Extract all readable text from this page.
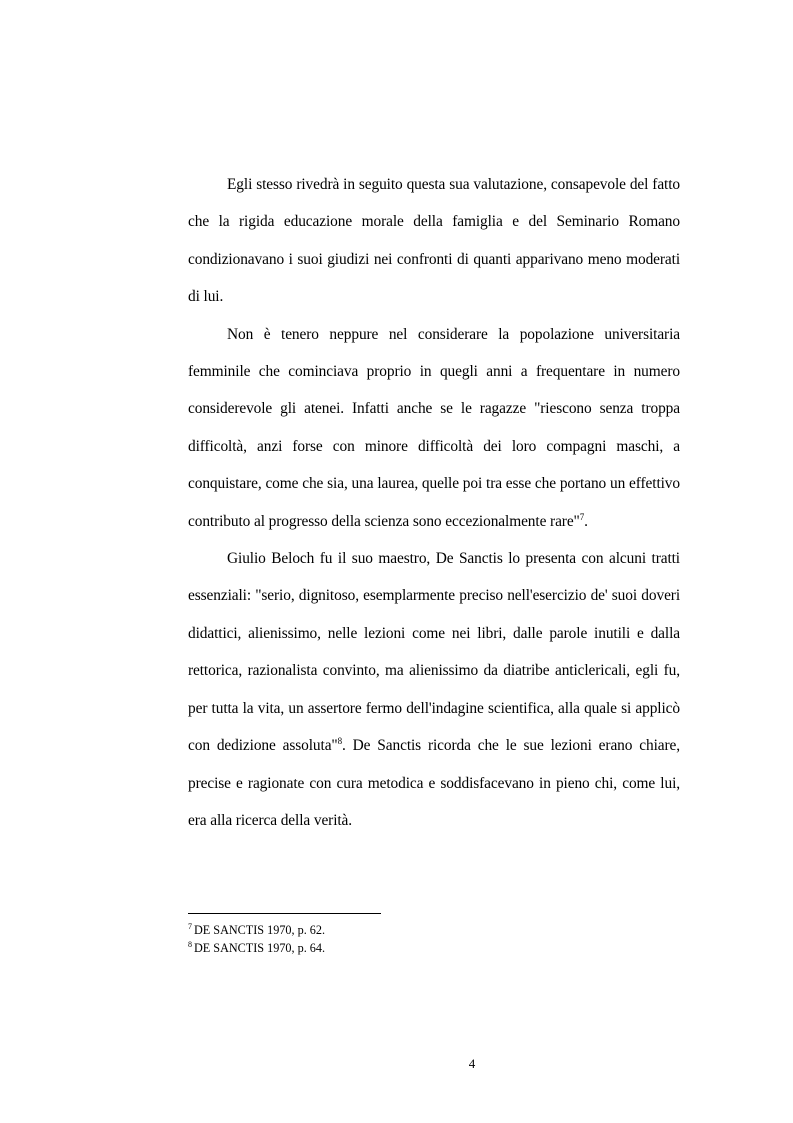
Egli stesso rivedrà in seguito questa sua valutazione, consapevole del fatto che la rigida educazione morale della famiglia e del Seminario Romano condizionavano i suoi giudizi nei confronti di quanti apparivano meno moderati di lui.

Non è tenero neppure nel considerare la popolazione universitaria femminile che cominciava proprio in quegli anni a frequentare in numero considerevole gli atenei. Infatti anche se le ragazze "riescono senza troppa difficoltà, anzi forse con minore difficoltà dei loro compagni maschi, a conquistare, come che sia, una laurea, quelle poi tra esse che portano un effettivo contributo al progresso della scienza sono eccezionalmente rare"$^7$.

Giulio Beloch fu il suo maestro, De Sanctis lo presenta con alcuni tratti essenziali: "serio, dignitoso, esemplarmente preciso nell'esercizio de' suoi doveri didattici, alienissimo, nelle lezioni come nei libri, dalle parole inutili e dalla rettorica, razionalista convinto, ma alienissimo da diatribe anticlericali, egli fu, per tutta la vita, un assertore fermo dell'indagine scientifica, alla quale si applicò con dedizione assoluta"$^8$. De Sanctis ricorda che le sue lezioni erano chiare, precise e ragionate con cura metodica e soddisfacevano in pieno chi, come lui, era alla ricerca della verità.

$^7$ DE SANCTIS 1970, p. 62.

$^8$ DE SANCTIS 1970, p. 64.

4
